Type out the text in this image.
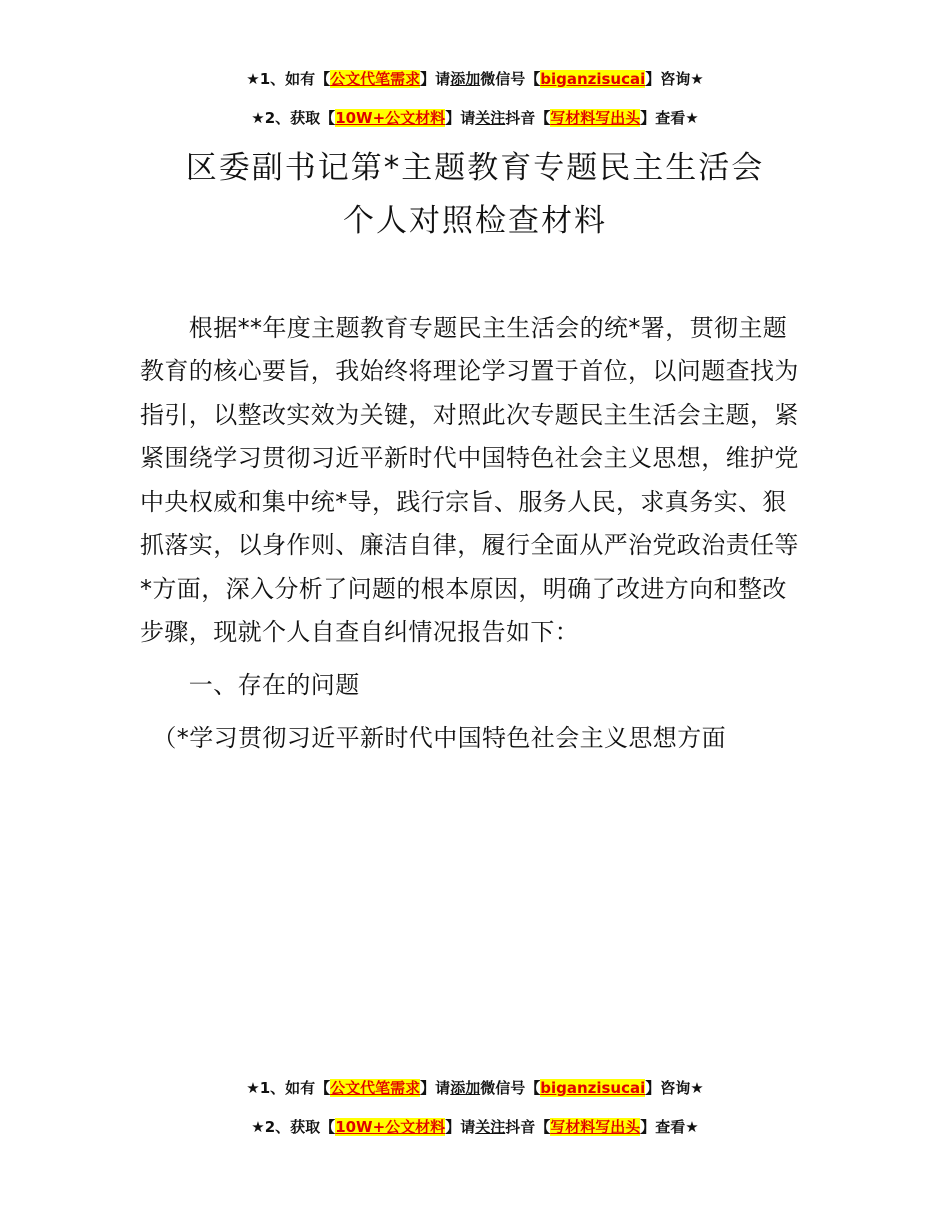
★1、如有【公文代笔需求】请添加微信号【biganzisucai】咨询★
★2、获取【10W+公文材料】请关注抖音【写材料写出头】查看★
区委副书记第*主题教育专题民主生活会
个人对照检查材料
　　根据**年度主题教育专题民主生活会的统*署，贯彻主题
教育的核心要旨，我始终将理论学习置于首位，以问题查找为
指引，以整改实效为关键，对照此次专题民主生活会主题，紧
紧围绕学习贯彻习近平新时代中国特色社会主义思想，维护党
中央权威和集中统*导，践行宗旨、服务人民，求真务实、狠
抓落实，以身作则、廉洁自律，履行全面从严治党政治责任等
*方面，深入分析了问题的根本原因，明确了改进方向和整改
步骤，现就个人自查自纠情况报告如下：
　　一、存在的问题
　（*学习贯彻习近平新时代中国特色社会主义思想方面
★1、如有【公文代笔需求】请添加微信号【biganzisucai】咨询★
★2、获取【10W+公文材料】请关注抖音【写材料写出头】查看★
